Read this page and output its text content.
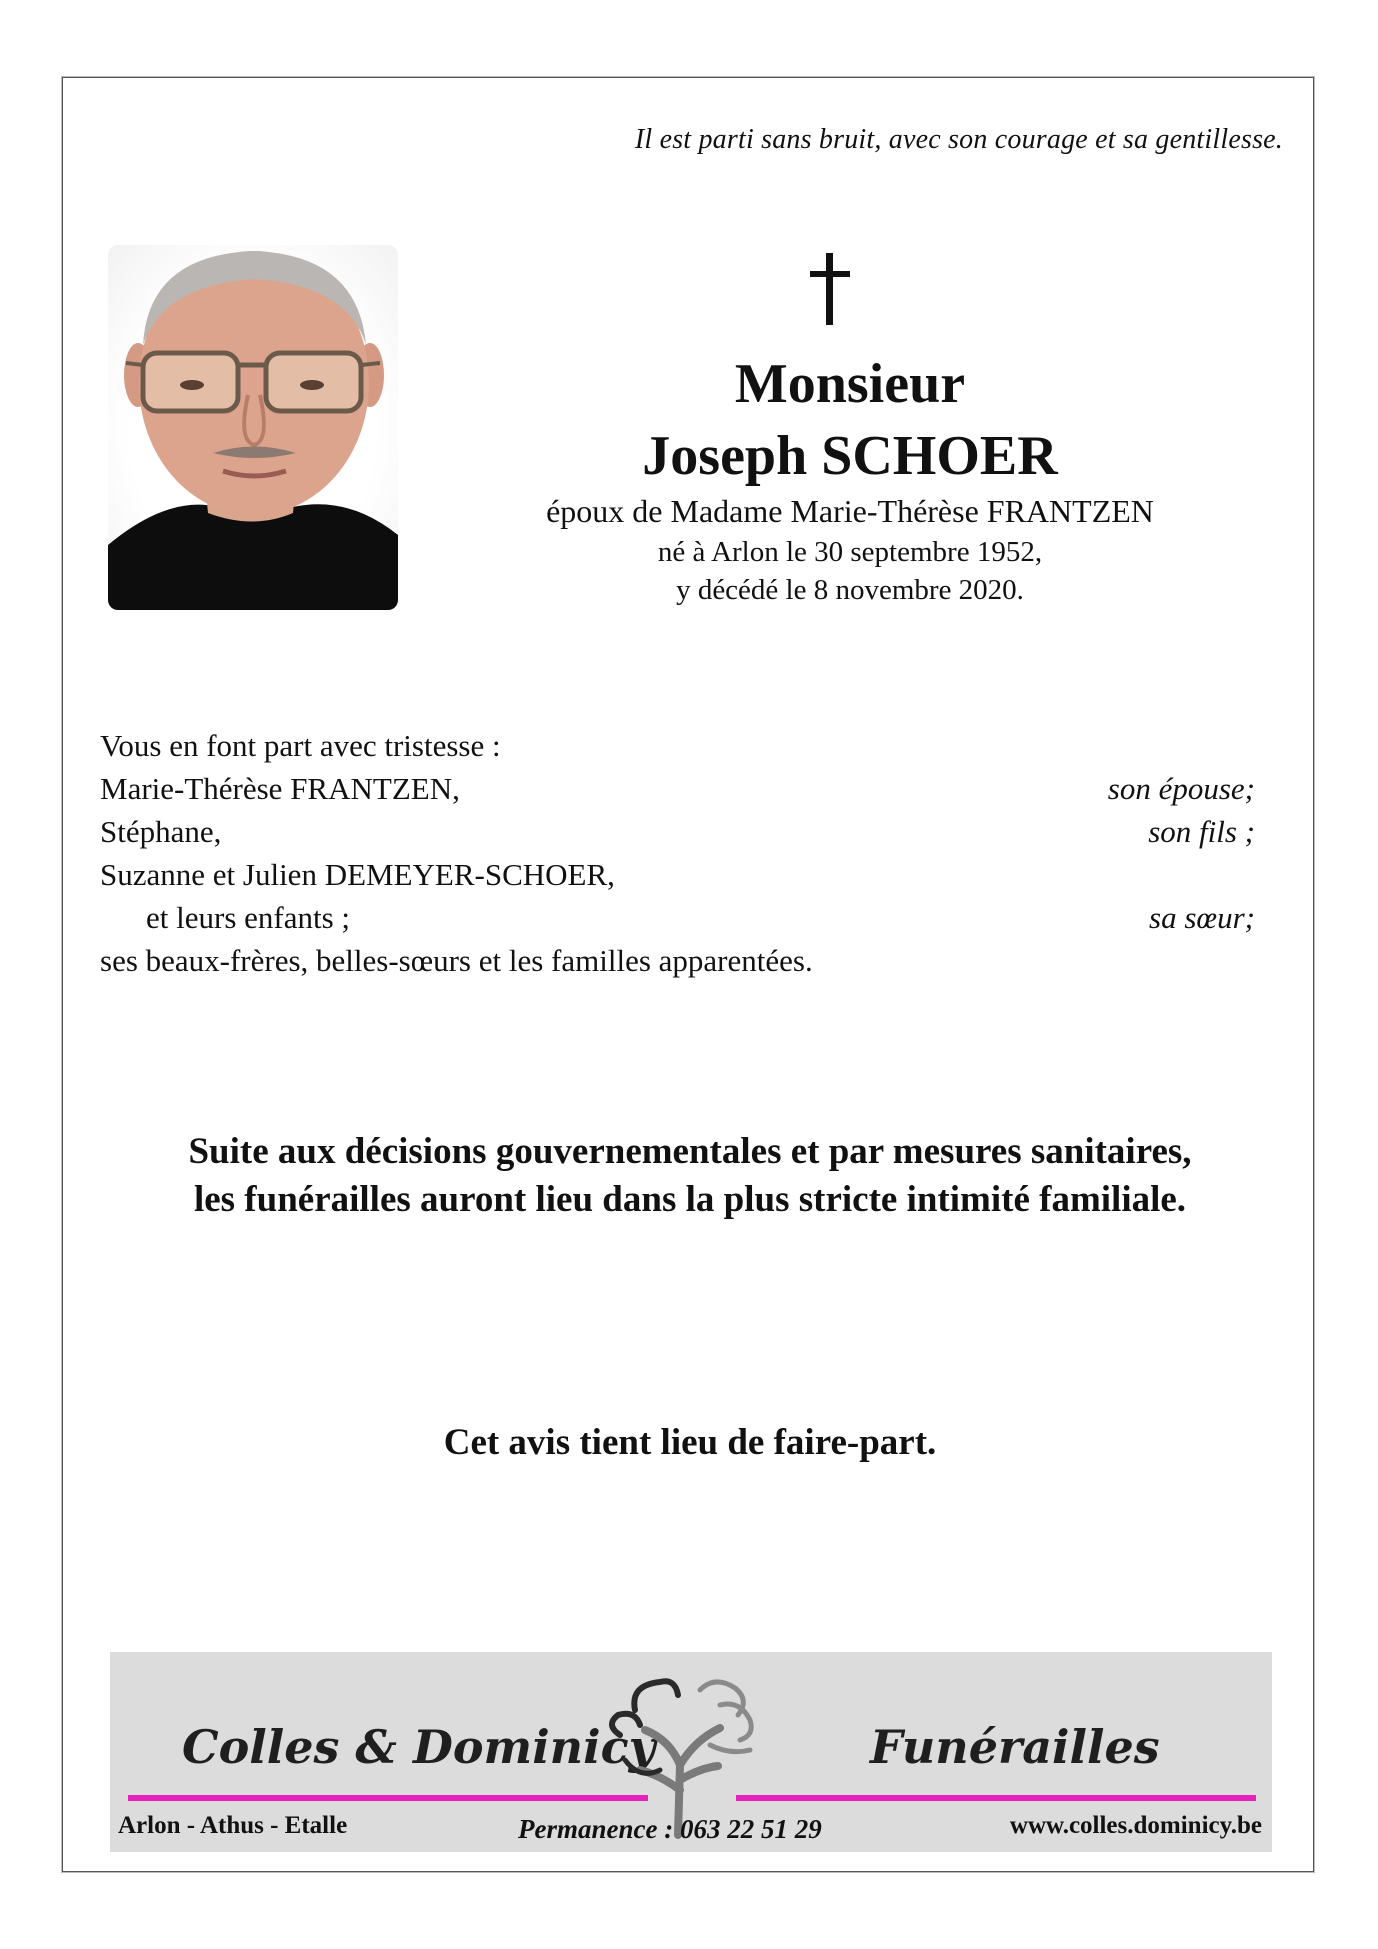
Il est parti sans bruit, avec son courage et sa gentillesse.
Monsieur
Joseph SCHOER
époux de Madame Marie-Thérèse FRANTZEN
né à Arlon le 30 septembre 1952,
y décédé le 8 novembre 2020.
Vous en font part avec tristesse :
Marie-Thérèse FRANTZEN,	son épouse;
Stéphane,	son fils ;
Suzanne et Julien DEMEYER-SCHOER,
et leurs enfants ;	sa sœur;
ses beaux-frères, belles-sœurs et les familles apparentées.
Suite aux décisions gouvernementales et par mesures sanitaires,
les funérailles auront lieu dans la plus stricte intimité familiale.
Cet avis tient lieu de faire-part.
Colles & Dominicy	Funérailles
Arlon - Athus - Etalle	Permanence : 063 22 51 29	www.colles.dominicy.be
